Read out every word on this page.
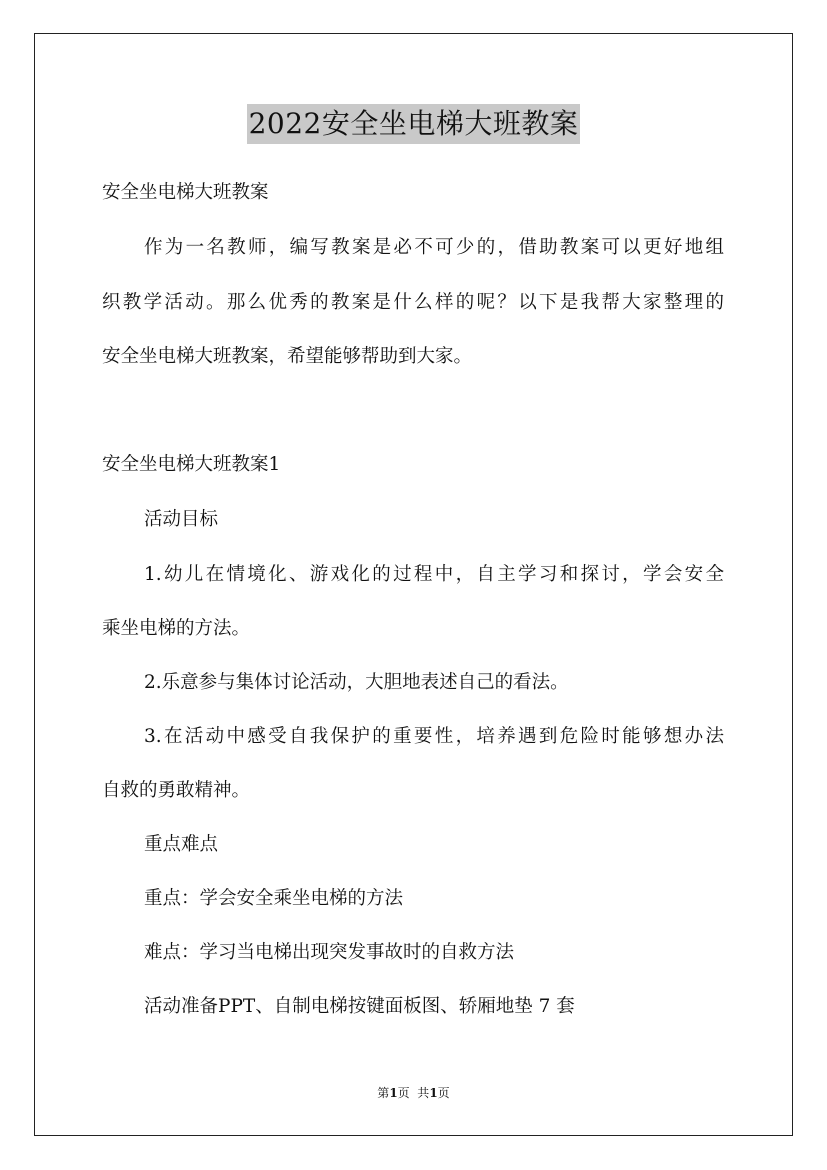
2022安全坐电梯大班教案
安全坐电梯大班教案
作为一名教师，编写教案是必不可少的，借助教案可以更好地组
织教学活动。那么优秀的教案是什么样的呢？以下是我帮大家整理的
安全坐电梯大班教案，希望能够帮助到大家。
安全坐电梯大班教案1
活动目标
1.幼儿在情境化、游戏化的过程中，自主学习和探讨，学会安全
乘坐电梯的方法。
2.乐意参与集体讨论活动，大胆地表述自己的看法。
3.在活动中感受自我保护的重要性，培养遇到危险时能够想办法
自救的勇敢精神。
重点难点
重点：学会安全乘坐电梯的方法
难点：学习当电梯出现突发事故时的自救方法
活动准备PPT、自制电梯按键面板图、轿厢地垫 7 套
第1页  共1页
